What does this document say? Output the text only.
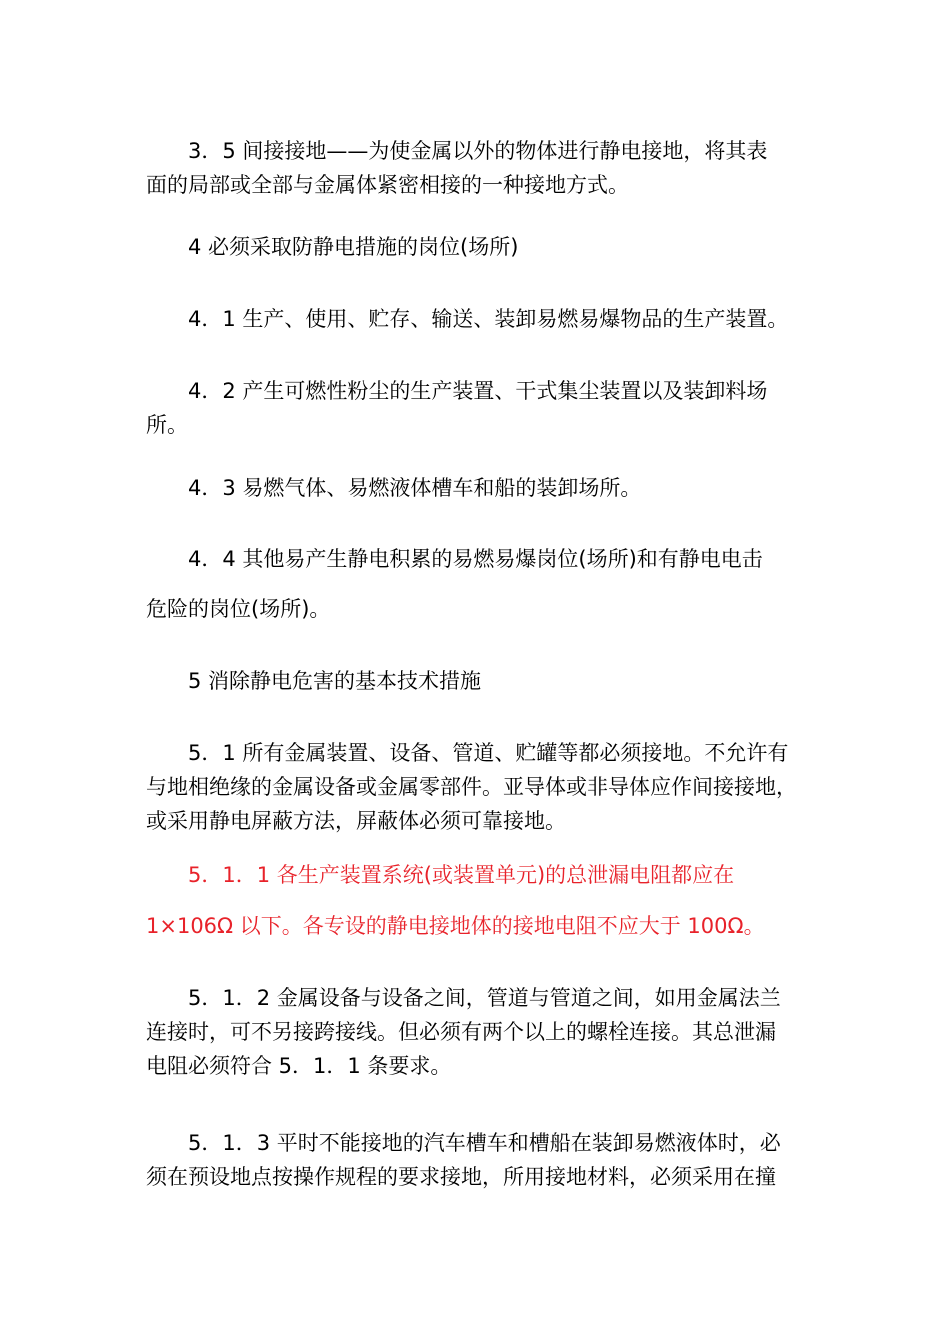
3．5 间接接地——为使金属以外的物体进行静电接地，将其表
面的局部或全部与金属体紧密相接的一种接地方式。

4 必须采取防静电措施的岗位(场所)

4．1 生产、使用、贮存、输送、装卸易燃易爆物品的生产装置。

4．2 产生可燃性粉尘的生产装置、干式集尘装置以及装卸料场
所。

4．3 易燃气体、易燃液体槽车和船的装卸场所。

4．4 其他易产生静电积累的易燃易爆岗位(场所)和有静电电击

危险的岗位(场所)。

5 消除静电危害的基本技术措施

5．1 所有金属装置、设备、管道、贮罐等都必须接地。不允许有
与地相绝缘的金属设备或金属零部件。亚导体或非导体应作间接接地，
或采用静电屏蔽方法，屏蔽体必须可靠接地。

5．1．1 各生产装置系统(或装置单元)的总泄漏电阻都应在

1×106Ω 以下。各专设的静电接地体的接地电阻不应大于 100Ω。

5．1．2 金属设备与设备之间，管道与管道之间，如用金属法兰
连接时，可不另接跨接线。但必须有两个以上的螺栓连接。其总泄漏
电阻必须符合 5．1．1 条要求。

5．1．3 平时不能接地的汽车槽车和槽船在装卸易燃液体时，必
须在预设地点按操作规程的要求接地，所用接地材料，必须采用在撞
